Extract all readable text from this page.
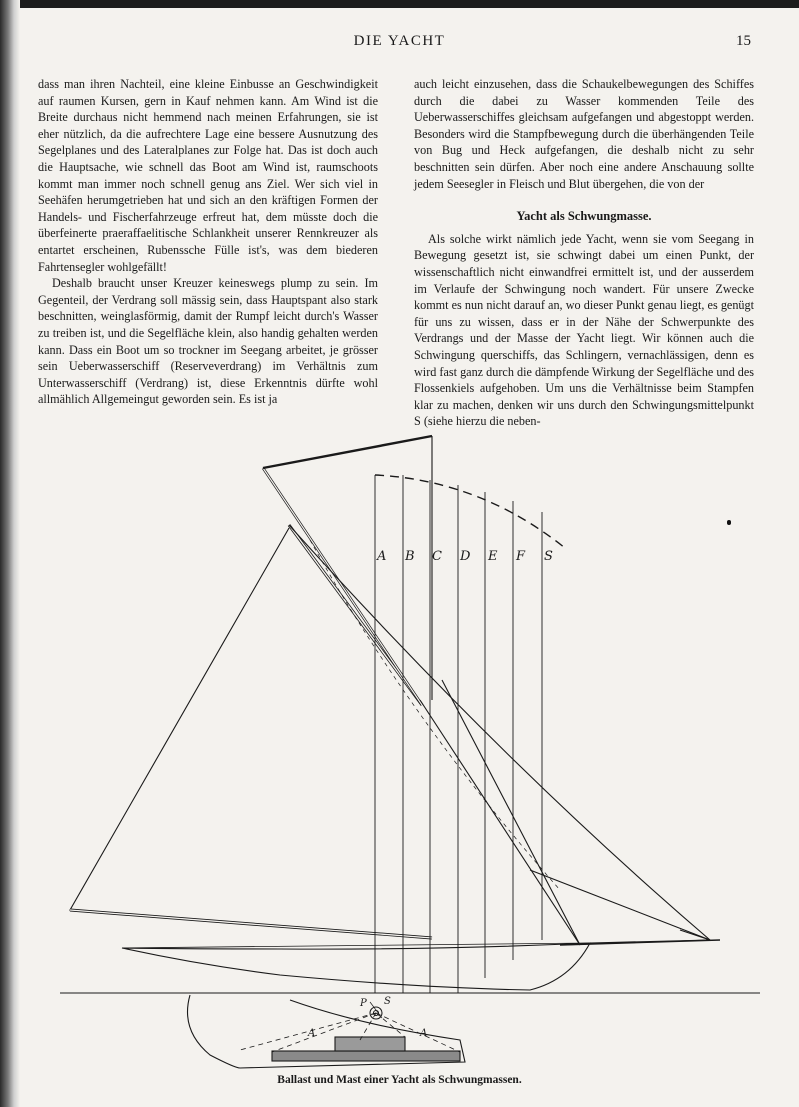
DIE YACHT	15

dass man ihren Nachteil, eine kleine Einbusse an Geschwindigkeit auf raumen Kursen, gern in Kauf nehmen kann. Am Wind ist die Breite durchaus nicht hemmend nach meinen Erfahrungen, sie ist eher nützlich, da die aufrechtere Lage eine bessere Ausnutzung des Segelplanes und des Lateralplanes zur Folge hat. Das ist doch auch die Hauptsache, wie schnell das Boot am Wind ist, raumschoots kommt man immer noch schnell genug ans Ziel. Wer sich viel in Seehäfen herumgetrieben hat und sich an den kräftigen Formen der Handels- und Fischerfahrzeuge erfreut hat, dem müsste doch die überfeinerte praeraffaelitische Schlankheit unserer Rennkreuzer als entartet erscheinen, Rubenssche Fülle ist's, was dem biederen Fahrtensegler wohlgefällt!

Deshalb braucht unser Kreuzer keineswegs plump zu sein. Im Gegenteil, der Verdrang soll mässig sein, dass Hauptspant also stark beschnitten, weinglasförmig, damit der Rumpf leicht durch's Wasser zu treiben ist, und die Segelfläche klein, also handig gehalten werden kann. Dass ein Boot um so trockner im Seegang arbeitet, je grösser sein Ueberwasserschiff (Reserveverdrang) im Verhältnis zum Unterwasserschiff (Verdrang) ist, diese Erkenntnis dürfte wohl allmählich Allgemeingut geworden sein. Es ist ja

auch leicht einzusehen, dass die Schaukelbewegungen des Schiffes durch die dabei zu Wasser kommenden Teile des Ueberwasserschiffes gleichsam aufgefangen und abgestoppt werden. Besonders wird die Stampfbewegung durch die überhängenden Teile von Bug und Heck aufgefangen, die deshalb nicht zu sehr beschnitten sein dürfen. Aber noch eine andere Anschauung sollte jedem Seesegler in Fleisch und Blut übergehen, die von der

Yacht als Schwungmasse.

Als solche wirkt nämlich jede Yacht, wenn sie vom Seegang in Bewegung gesetzt ist, sie schwingt dabei um einen Punkt, der wissenschaftlich nicht einwandfrei ermittelt ist, und der ausserdem im Verlaufe der Schwingung noch wandert. Für unsere Zwecke kommt es nun nicht darauf an, wo dieser Punkt genau liegt, es genügt für uns zu wissen, dass er in der Nähe der Schwerpunkte des Verdrangs und der Masse der Yacht liegt. Wir können auch die Schwingung querschiffs, das Schlingern, vernachlässigen, denn es wird fast ganz durch die dämpfende Wirkung der Segelfläche und des Flossenkiels aufgehoben. Um uns die Verhältnisse beim Stampfen klar zu machen, denken wir uns durch den Schwingungsmittelpunkt S (siehe hierzu die neben-

A B C D E F S
A	A
P S
Ballast und Mast einer Yacht als Schwungmassen.
